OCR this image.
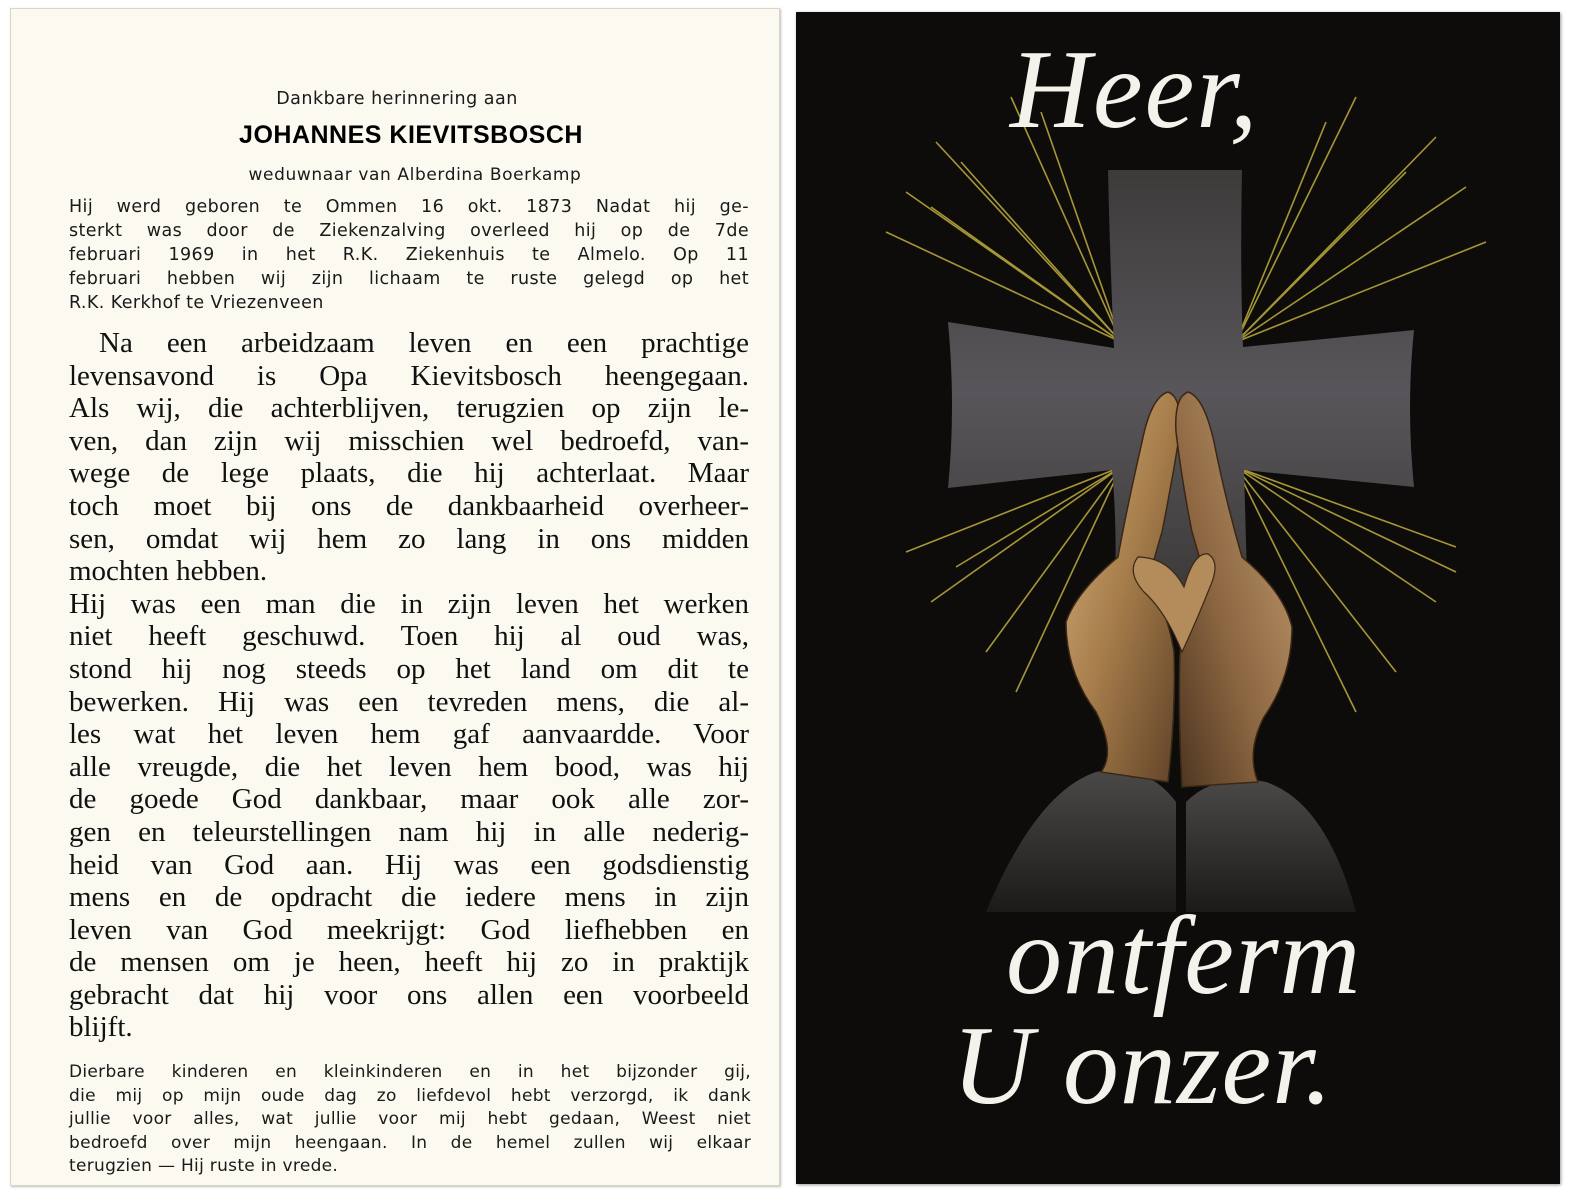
Dankbare herinnering aan
JOHANNES KIEVITSBOSCH
weduwnaar van Alberdina Boerkamp
Hij werd geboren te Ommen 16 okt. 1873 Nadat hij ge-
sterkt was door de Ziekenzalving overleed hij op de 7de
februari 1969 in het R.K. Ziekenhuis te Almelo. Op 11
februari hebben wij zijn lichaam te ruste gelegd op het
R.K. Kerkhof te Vriezenveen
Na een arbeidzaam leven en een prachtige
levensavond is Opa Kievitsbosch heengegaan.
Als wij, die achterblijven, terugzien op zijn le-
ven, dan zijn wij misschien wel bedroefd, van-
wege de lege plaats, die hij achterlaat. Maar
toch moet bij ons de dankbaarheid overheer-
sen, omdat wij hem zo lang in ons midden
mochten hebben.
Hij was een man die in zijn leven het werken
niet heeft geschuwd. Toen hij al oud was,
stond hij nog steeds op het land om dit te
bewerken. Hij was een tevreden mens, die al-
les wat het leven hem gaf aanvaardde. Voor
alle vreugde, die het leven hem bood, was hij
de goede God dankbaar, maar ook alle zor-
gen en teleurstellingen nam hij in alle nederig-
heid van God aan. Hij was een godsdienstig
mens en de opdracht die iedere mens in zijn
leven van God meekrijgt: God liefhebben en
de mensen om je heen, heeft hij zo in praktijk
gebracht dat hij voor ons allen een voorbeeld
blijft.
Dierbare kinderen en kleinkinderen en in het bijzonder gij,
die mij op mijn oude dag zo liefdevol hebt verzorgd, ik dank
jullie voor alles, wat jullie voor mij hebt gedaan, Weest niet
bedroefd over mijn heengaan. In de hemel zullen wij elkaar
terugzien — Hij ruste in vrede.
Heer,
ontferm
U onzer.
